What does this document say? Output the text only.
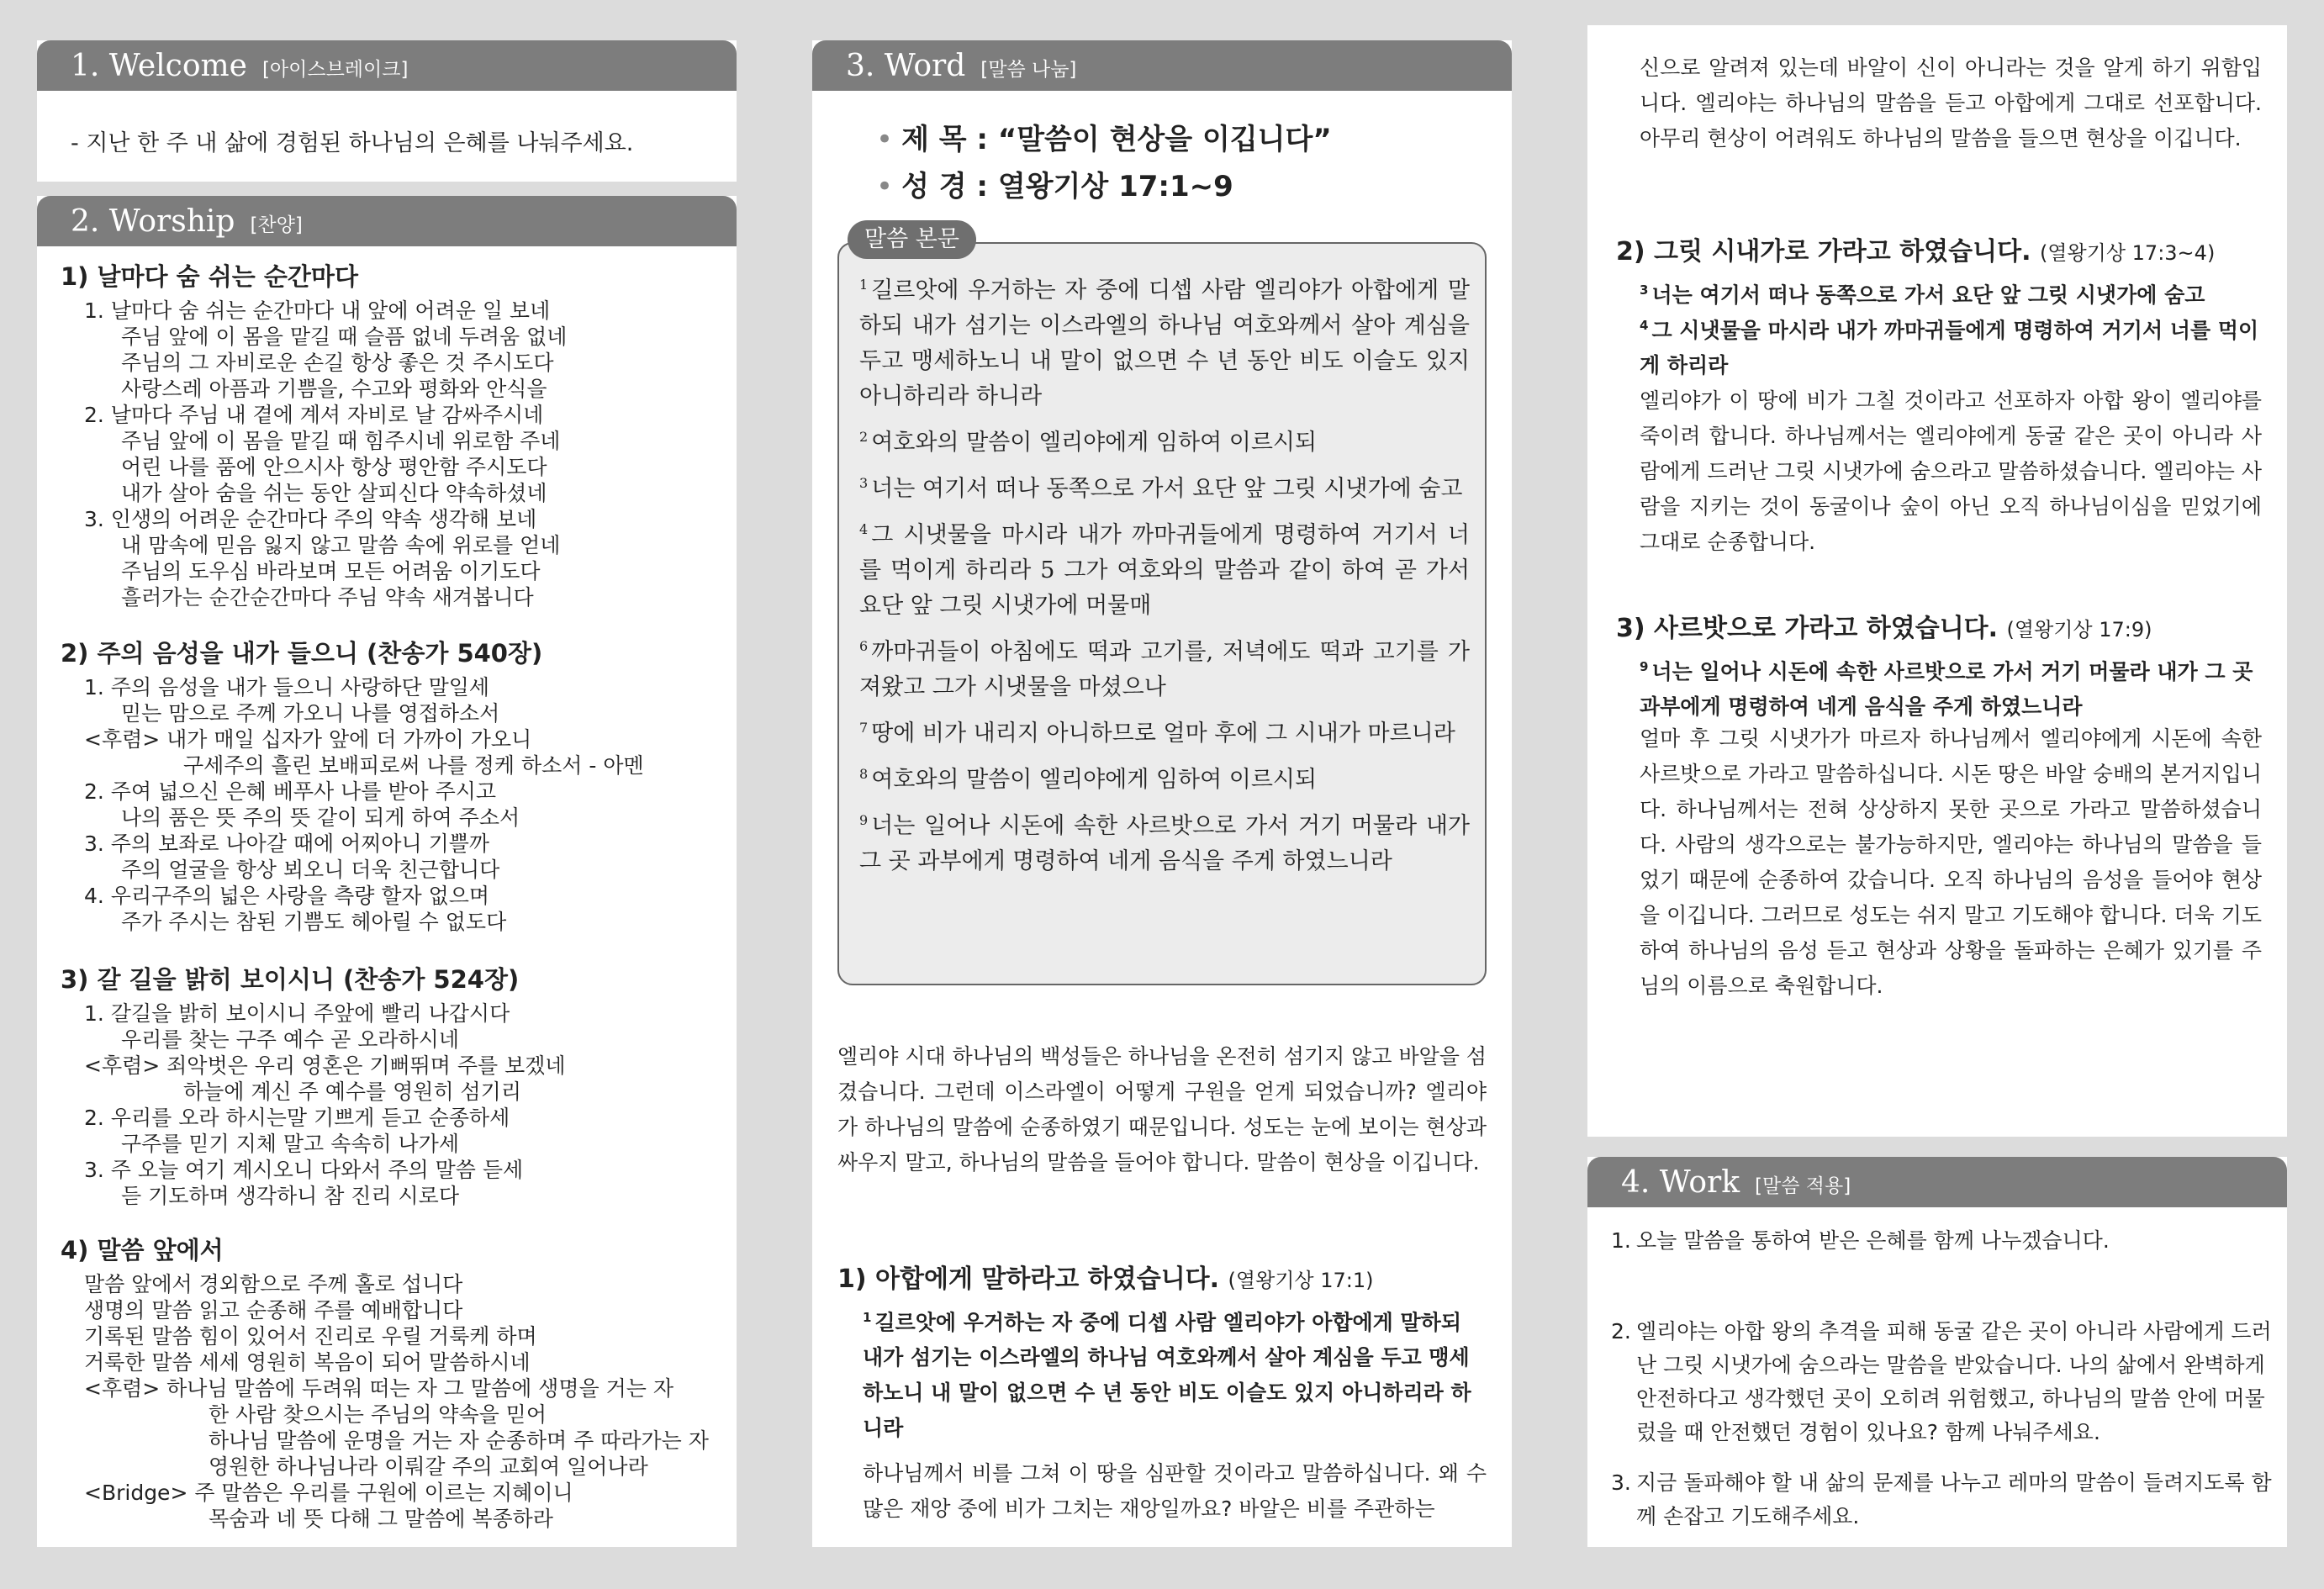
1. Welcome [아이스브레이크]
- 지난 한 주 내 삶에 경험된 하나님의 은혜를 나눠주세요.
2. Worship [찬양]
1) 날마다 숨 쉬는 순간마다
1. 날마다 숨 쉬는 순간마다 내 앞에 어려운 일 보네
주님 앞에 이 몸을 맡길 때 슬픔 없네 두려움 없네
주님의 그 자비로운 손길 항상 좋은 것 주시도다
사랑스레 아픔과 기쁨을, 수고와 평화와 안식을
2. 날마다 주님 내 곁에 계셔 자비로 날 감싸주시네
주님 앞에 이 몸을 맡길 때 힘주시네 위로함 주네
어린 나를 품에 안으시사 항상 평안함 주시도다
내가 살아 숨을 쉬는 동안 살피신다 약속하셨네
3. 인생의 어려운 순간마다 주의 약속 생각해 보네
내 맘속에 믿음 잃지 않고 말씀 속에 위로를 얻네
주님의 도우심 바라보며 모든 어려움 이기도다
흘러가는 순간순간마다 주님 약속 새겨봅니다
2) 주의 음성을 내가 들으니 (찬송가 540장)
1. 주의 음성을 내가 들으니 사랑하단 말일세
믿는 맘으로 주께 가오니 나를 영접하소서
<후렴> 내가 매일 십자가 앞에 더 가까이 가오니
구세주의 흘린 보배피로써 나를 정케 하소서 - 아멘
2. 주여 넓으신 은혜 베푸사 나를 받아 주시고
나의 품은 뜻 주의 뜻 같이 되게 하여 주소서
3. 주의 보좌로 나아갈 때에 어찌아니 기쁠까
주의 얼굴을 항상 뵈오니 더욱 친근합니다
4. 우리구주의 넓은 사랑을 측량 할자 없으며
주가 주시는 참된 기쁨도 헤아릴 수 없도다
3) 갈 길을 밝히 보이시니 (찬송가 524장)
1. 갈길을 밝히 보이시니 주앞에 빨리 나갑시다
우리를 찾는 구주 예수 곧 오라하시네
<후렴> 죄악벗은 우리 영혼은 기뻐뛰며 주를 보겠네
하늘에 계신 주 예수를 영원히 섬기리
2. 우리를 오라 하시는말 기쁘게 듣고 순종하세
구주를 믿기 지체 말고 속속히 나가세
3. 주 오늘 여기 계시오니 다와서 주의 말씀 듣세
듣 기도하며 생각하니 참 진리 시로다
4) 말씀 앞에서
말씀 앞에서 경외함으로 주께 홀로 섭니다
생명의 말씀 읽고 순종해 주를 예배합니다
기록된 말씀 힘이 있어서 진리로 우릴 거룩케 하며
거룩한 말씀 세세 영원히 복음이 되어 말씀하시네
<후렴> 하나님 말씀에 두려워 떠는 자 그 말씀에 생명을 거는 자
한 사람 찾으시는 주님의 약속을 믿어
하나님 말씀에 운명을 거는 자 순종하며 주 따라가는 자
영원한 하나님나라 이뤄갈 주의 교회여 일어나라
<Bridge> 주 말씀은 우리를 구원에 이르는 지혜이니
목숨과 네 뜻 다해 그 말씀에 복종하라
3. Word [말씀 나눔]
• 제 목 : “말씀이 현상을 이깁니다”
• 성 경 : 열왕기상 17:1~9
$^1$ 길르앗에 우거하는 자 중에 디셉 사람 엘리야가 아합에게 말하되 내가 섬기는 이스라엘의 하나님 여호와께서 살아 계심을 두고 맹세하노니 내 말이 없으면 수 년 동안 비도 이슬도 있지 아니하리라 하니라
$^2$ 여호와의 말씀이 엘리야에게 임하여 이르시되
$^3$ 너는 여기서 떠나 동쪽으로 가서 요단 앞 그릿 시냇가에 숨고
$^4$ 그 시냇물을 마시라 내가 까마귀들에게 명령하여 거기서 너를 먹이게 하리라 5 그가 여호와의 말씀과 같이 하여 곧 가서 요단 앞 그릿 시냇가에 머물매
$^6$ 까마귀들이 아침에도 떡과 고기를, 저녁에도 떡과 고기를 가져왔고 그가 시냇물을 마셨으나
$^7$ 땅에 비가 내리지 아니하므로 얼마 후에 그 시내가 마르니라
$^8$ 여호와의 말씀이 엘리야에게 임하여 이르시되
$^9$ 너는 일어나 시돈에 속한 사르밧으로 가서 거기 머물라 내가 그 곳 과부에게 명령하여 네게 음식을 주게 하였느니라
말씀 본문
엘리야 시대 하나님의 백성들은 하나님을 온전히 섬기지 않고 바알을 섬겼습니다. 그런데 이스라엘이 어떻게 구원을 얻게 되었습니까? 엘리야가 하나님의 말씀에 순종하였기 때문입니다. 성도는 눈에 보이는 현상과 싸우지 말고, 하나님의 말씀을 들어야 합니다. 말씀이 현상을 이깁니다.
1) 아합에게 말하라고 하였습니다. (열왕기상 17:1)
$^1$ 길르앗에 우거하는 자 중에 디셉 사람 엘리야가 아합에게 말하되 내가 섬기는 이스라엘의 하나님 여호와께서 살아 계심을 두고 맹세하노니 내 말이 없으면 수 년 동안 비도 이슬도 있지 아니하리라 하니라
하나님께서 비를 그쳐 이 땅을 심판할 것이라고 말씀하십니다. 왜 수많은 재앙 중에 비가 그치는 재앙일까요? 바알은 비를 주관하는
신으로 알려져 있는데 바알이 신이 아니라는 것을 알게 하기 위함입니다. 엘리야는 하나님의 말씀을 듣고 아합에게 그대로 선포합니다. 아무리 현상이 어려워도 하나님의 말씀을 들으면 현상을 이깁니다.
2) 그릿 시내가로 가라고 하였습니다. (열왕기상 17:3~4)
$^3$ 너는 여기서 떠나 동쪽으로 가서 요단 앞 그릿 시냇가에 숨고
$^4$ 그 시냇물을 마시라 내가 까마귀들에게 명령하여 거기서 너를 먹이게 하리라
엘리야가 이 땅에 비가 그칠 것이라고 선포하자 아합 왕이 엘리야를 죽이려 합니다. 하나님께서는 엘리야에게 동굴 같은 곳이 아니라 사람에게 드러난 그릿 시냇가에 숨으라고 말씀하셨습니다. 엘리야는 사람을 지키는 것이 동굴이나 숲이 아닌 오직 하나님이심을 믿었기에 그대로 순종합니다.
3) 사르밧으로 가라고 하였습니다. (열왕기상 17:9)
$^9$ 너는 일어나 시돈에 속한 사르밧으로 가서 거기 머물라 내가 그 곳 과부에게 명령하여 네게 음식을 주게 하였느니라
얼마 후 그릿 시냇가가 마르자 하나님께서 엘리야에게 시돈에 속한 사르밧으로 가라고 말씀하십니다. 시돈 땅은 바알 숭배의 본거지입니다. 하나님께서는 전혀 상상하지 못한 곳으로 가라고 말씀하셨습니다. 사람의 생각으로는 불가능하지만, 엘리야는 하나님의 말씀을 들었기 때문에 순종하여 갔습니다. 오직 하나님의 음성을 들어야 현상을 이깁니다. 그러므로 성도는 쉬지 말고 기도해야 합니다. 더욱 기도하여 하나님의 음성 듣고 현상과 상황을 돌파하는 은혜가 있기를 주님의 이름으로 축원합니다.
4. Work [말씀 적용]
1. 오늘 말씀을 통하여 받은 은혜를 함께 나누겠습니다.
2. 엘리야는 아합 왕의 추격을 피해 동굴 같은 곳이 아니라 사람에게 드러난 그릿 시냇가에 숨으라는 말씀을 받았습니다. 나의 삶에서 완벽하게 안전하다고 생각했던 곳이 오히려 위험했고, 하나님의 말씀 안에 머물렀을 때 안전했던 경험이 있나요? 함께 나눠주세요.
3. 지금 돌파해야 할 내 삶의 문제를 나누고 레마의 말씀이 들려지도록 함께 손잡고 기도해주세요.
